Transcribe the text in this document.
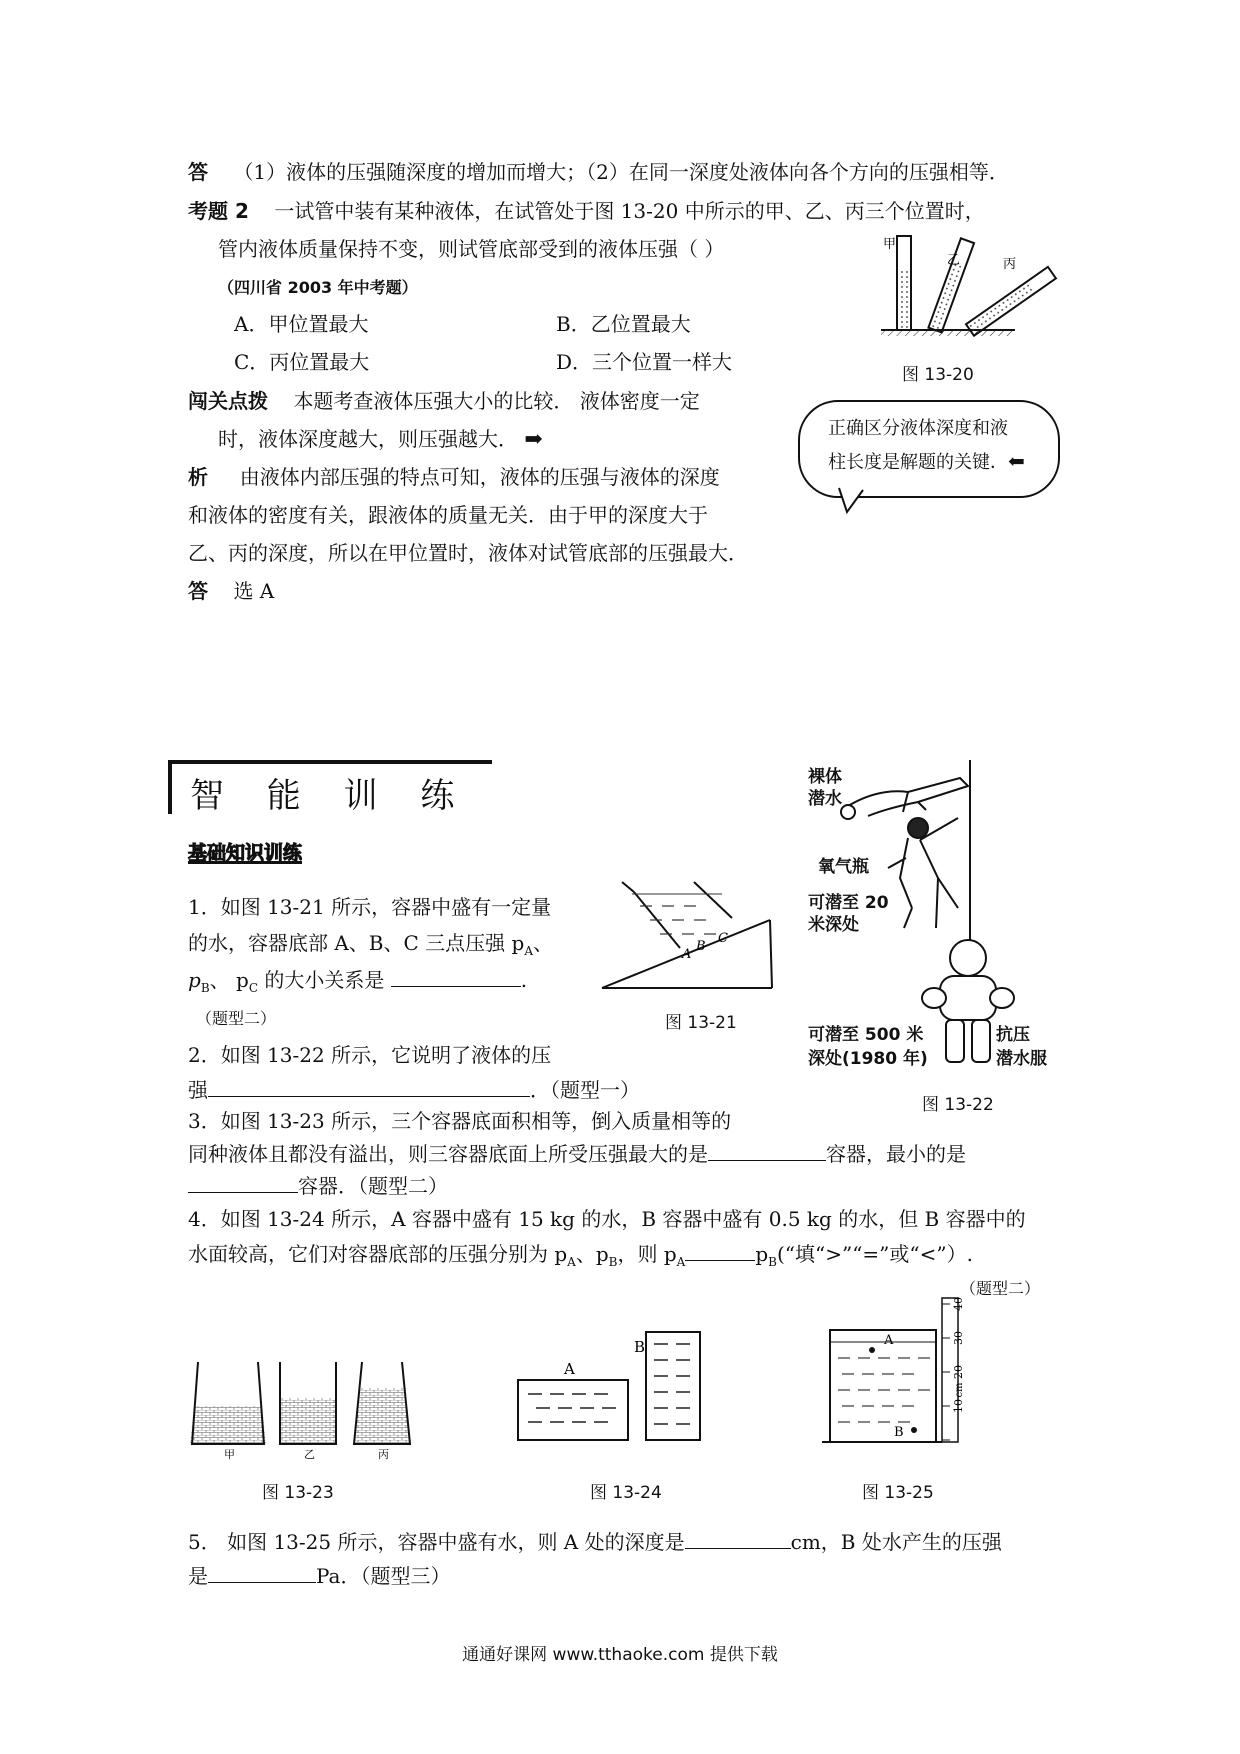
答 （1）液体的压强随深度的增加而增大；（2）在同一深度处液体向各个方向的压强相等．
考题 2 一试管中装有某种液体，在试管处于图 13-20 中所示的甲、乙、丙三个位置时，
管内液体质量保持不变，则试管底部受到的液体压强（ ）
（四川省 2003 年中考题）
A．甲位置最大	B．乙位置最大
C．丙位置最大	D．三个位置一样大
甲
乙	丙
图 13-20
闯关点拨 本题考查液体压强大小的比较． 液体密度一定
时，液体深度越大，则压强越大． ➡	正确区分液体深度和液
柱长度是解题的关键．⬅
析 由液体内部压强的特点可知，液体的压强与液体的深度
和液体的密度有关，跟液体的质量无关．由于甲的深度大于
乙、丙的深度，所以在甲位置时，液体对试管底部的压强最大．
答 选 A
智 能 训 练
基础知识训练
裸体
潜水
氧气瓶
可潜至 20
米深处
可潜至 500 米
深处(1980 年)
抗压
潜水服
图 13-22
1．如图 13-21 所示，容器中盛有一定量
的水，容器底部 A、B、C 三点压强 $p_A$、
$p_B$、 $p_C$ 的大小关系是	.
（题型二）
A
B
C
图 13-21
2．如图 13-22 所示，它说明了液体的压
强	．（题型一）
3．如图 13-23 所示，三个容器底面积相等，倒入质量相等的
同种液体且都没有溢出，则三容器底面上所受压强最大的是	容器，最小的是
容器．（题型二）
4．如图 13-24 所示，A 容器中盛有 15 kg 的水，B 容器中盛有 0.5 kg 的水，但 B 容器中的
水面较高，它们对容器底部的压强分别为 $p_A$、$p_B$，则 $p_A$	$p_B(“$填“>”“=”或“<”）.
（题型二）
甲	乙	丙
图 13-23
A
B
图 13-24
A
B
40
30
20
10
cm
图 13-25
5． 如图 13-25 所示，容器中盛有水，则 A 处的深度是	cm，B 处水产生的压强
是	Pa．（题型三）
通通好课网 www.tthaoke.com 提供下载
